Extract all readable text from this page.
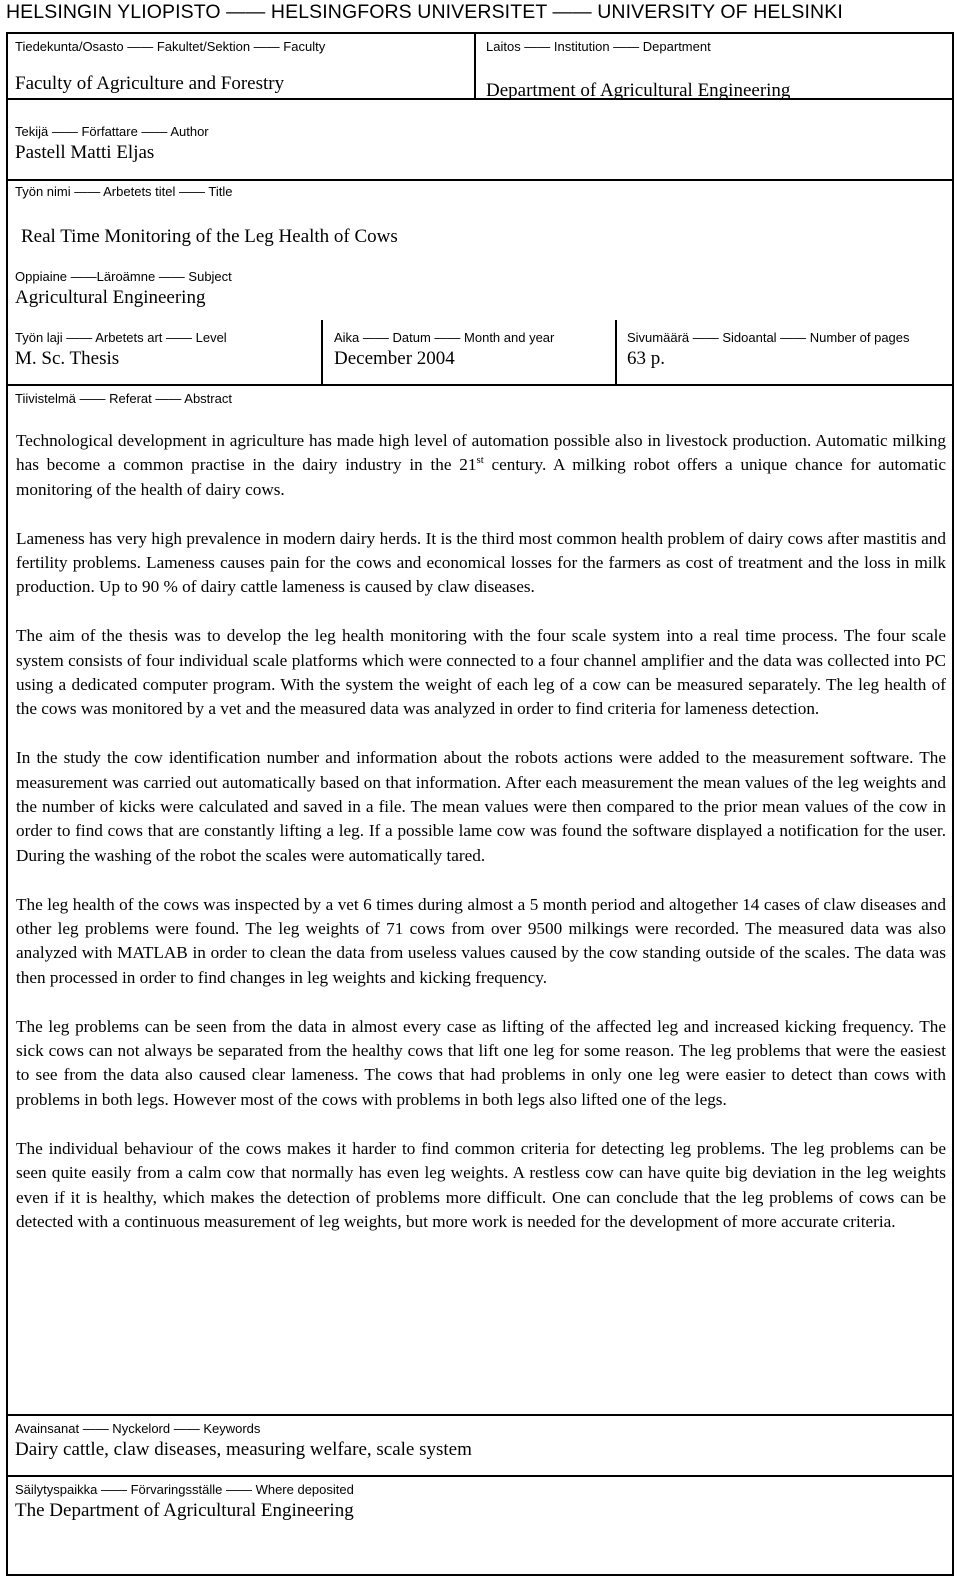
HELSINGIN YLIOPISTO —— HELSINGFORS UNIVERSITET —— UNIVERSITY OF HELSINKI
Tiedekunta/Osasto —— Fakultet/Sektion —— Faculty
Faculty of Agriculture and Forestry
Laitos —— Institution —— Department
Department of Agricultural Engineering
Tekijä —— Författare —— Author
Pastell Matti Eljas
Työn nimi —— Arbetets titel —— Title
Real Time Monitoring of the Leg Health of Cows
Oppiaine ——Läroämne —— Subject
Agricultural Engineering
Työn laji —— Arbetets art —— Level
M. Sc. Thesis
Aika —— Datum —— Month and year
December 2004
Sivumäärä —— Sidoantal —— Number of pages
63 p.
Tiivistelmä —— Referat —— Abstract

Technological development in agriculture has made high level of automation possible also in livestock production. Automatic milking has become a common practise in the dairy industry in the 21st century. A milking robot offers a unique chance for automatic monitoring of the health of dairy cows.

Lameness has very high prevalence in modern dairy herds. It is the third most common health problem of dairy cows after mastitis and fertility problems. Lameness causes pain for the cows and economical losses for the farmers as cost of treatment and the loss in milk production. Up to 90 % of dairy cattle lameness is caused by claw diseases.

The aim of the thesis was to develop the leg health monitoring with the four scale system into a real time process. The four scale system consists of four individual scale platforms which were connected to a four channel amplifier and the data was collected into PC using a dedicated computer program. With the system the weight of each leg of a cow can be measured separately. The leg health of the cows was monitored by a vet and the measured data was analyzed in order to find criteria for lameness detection.

In the study the cow identification number and information about the robots actions were added to the measurement software. The measurement was carried out automatically based on that information. After each measurement the mean values of the leg weights and the number of kicks were calculated and saved in a file. The mean values were then compared to the prior mean values of the cow in order to find cows that are constantly lifting a leg. If a possible lame cow was found the software displayed a notification for the user. During the washing of the robot the scales were automatically tared.

The leg health of the cows was inspected by a vet 6 times during almost a 5 month period and altogether 14 cases of claw diseases and other leg problems were found. The leg weights of 71 cows from over 9500 milkings were recorded. The measured data was also analyzed with MATLAB in order to clean the data from useless values caused by the cow standing outside of the scales. The data was then processed in order to find changes in leg weights and kicking frequency.

The leg problems can be seen from the data in almost every case as lifting of the affected leg and increased kicking frequency. The sick cows can not always be separated from the healthy cows that lift one leg for some reason. The leg problems that were the easiest to see from the data also caused clear lameness. The cows that had problems in only one leg were easier to detect than cows with problems in both legs. However most of the cows with problems in both legs also lifted one of the legs.

The individual behaviour of the cows makes it harder to find common criteria for detecting leg problems. The leg problems can be seen quite easily from a calm cow that normally has even leg weights. A restless cow can have quite big deviation in the leg weights even if it is healthy, which makes the detection of problems more difficult. One can conclude that the leg problems of cows can be detected with a continuous measurement of leg weights, but more work is needed for the development of more accurate criteria.

Avainsanat —— Nyckelord —— Keywords
Dairy cattle, claw diseases, measuring welfare, scale system
Säilytyspaikka —— Förvaringsställe —— Where deposited
The Department of Agricultural Engineering
